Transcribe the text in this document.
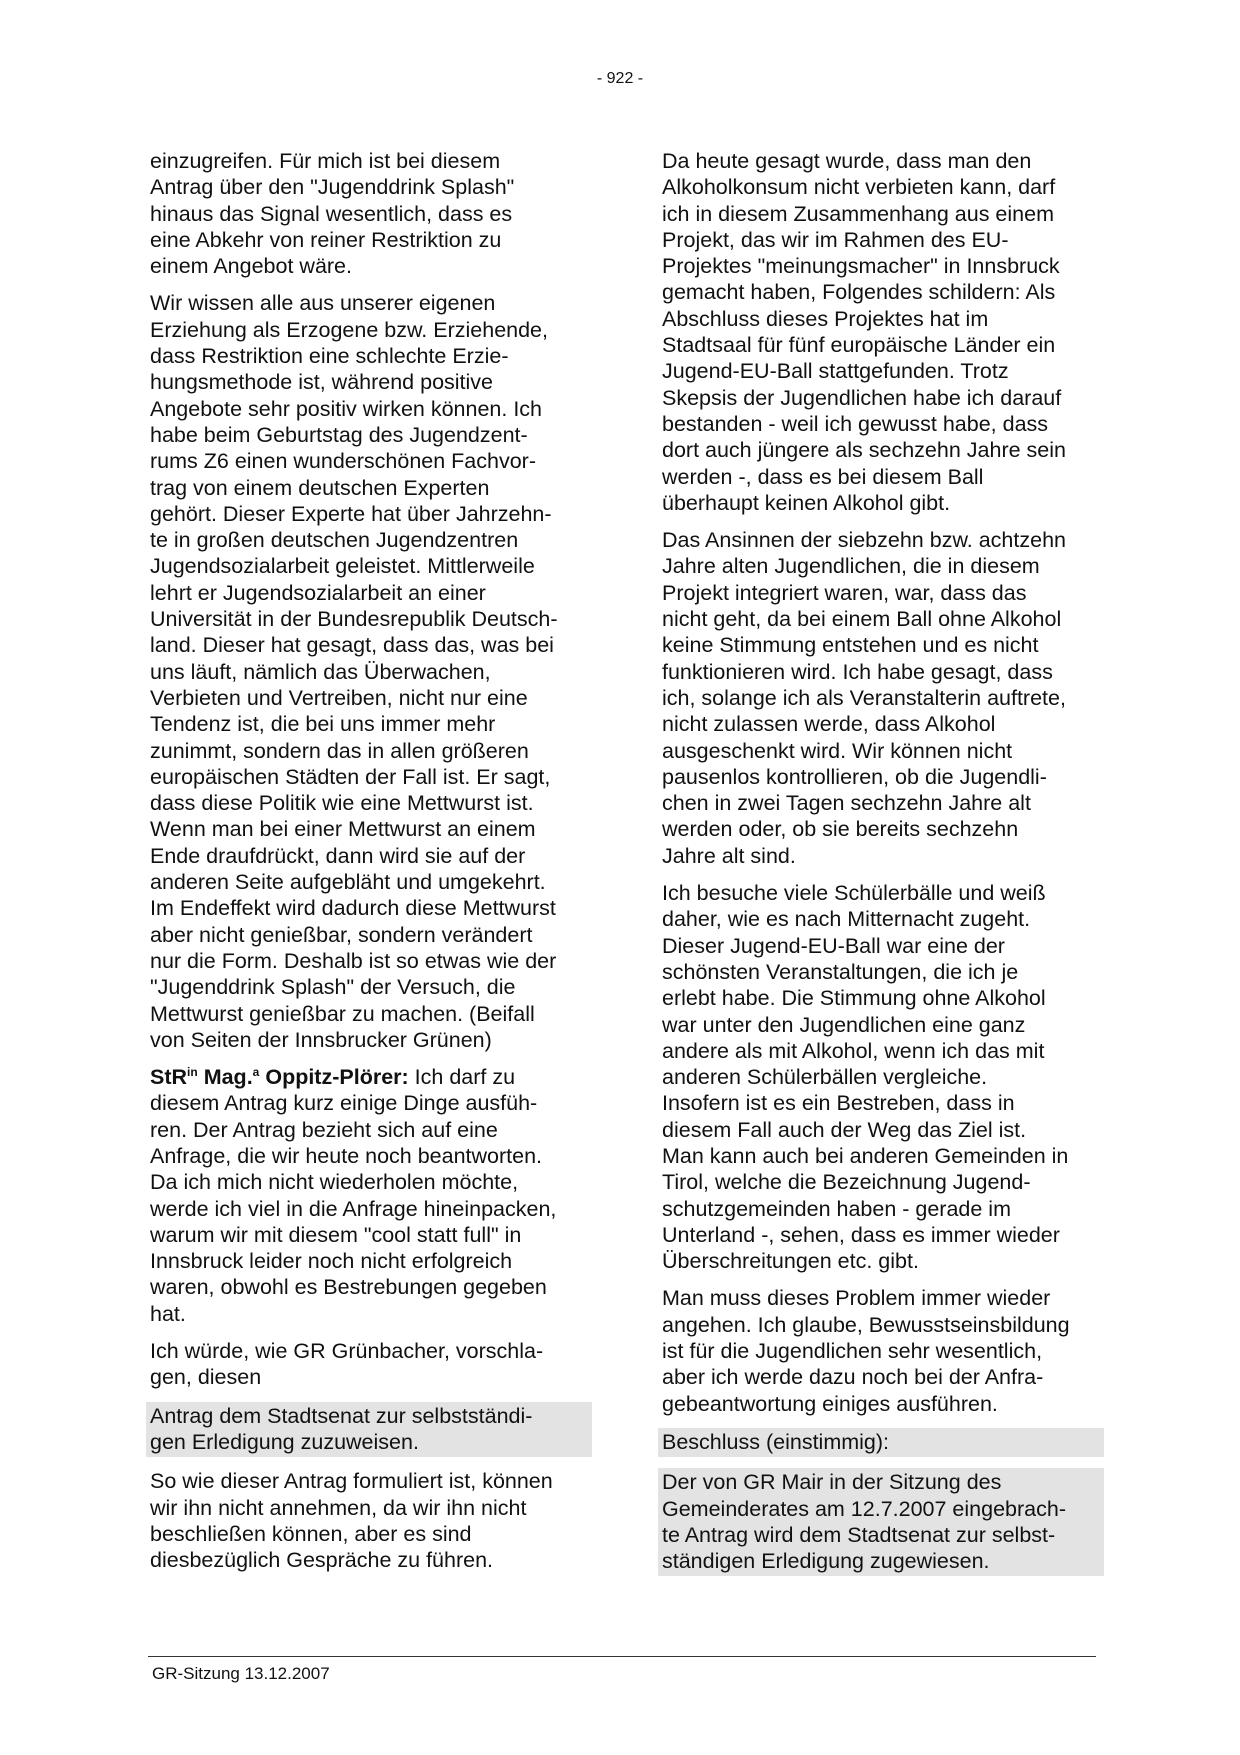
- 922 -

einzugreifen. Für mich ist bei diesem
Antrag über den "Jugenddrink Splash"
hinaus das Signal wesentlich, dass es
eine Abkehr von reiner Restriktion zu
einem Angebot wäre.

Wir wissen alle aus unserer eigenen
Erziehung als Erzogene bzw. Erziehende,
dass Restriktion eine schlechte Erzie-
hungsmethode ist, während positive
Angebote sehr positiv wirken können. Ich
habe beim Geburtstag des Jugendzent-
rums Z6 einen wunderschönen Fachvor-
trag von einem deutschen Experten
gehört. Dieser Experte hat über Jahrzehn-
te in großen deutschen Jugendzentren
Jugendsozialarbeit geleistet. Mittlerweile
lehrt er Jugendsozialarbeit an einer
Universität in der Bundesrepublik Deutsch-
land. Dieser hat gesagt, dass das, was bei
uns läuft, nämlich das Überwachen,
Verbieten und Vertreiben, nicht nur eine
Tendenz ist, die bei uns immer mehr
zunimmt, sondern das in allen größeren
europäischen Städten der Fall ist. Er sagt,
dass diese Politik wie eine Mettwurst ist.
Wenn man bei einer Mettwurst an einem
Ende draufdrückt, dann wird sie auf der
anderen Seite aufgebläht und umgekehrt.
Im Endeffekt wird dadurch diese Mettwurst
aber nicht genießbar, sondern verändert
nur die Form. Deshalb ist so etwas wie der
"Jugenddrink Splash" der Versuch, die
Mettwurst genießbar zu machen. (Beifall
von Seiten der Innsbrucker Grünen)

StR$^{in}$ Mag.$^a$ Oppitz-Plörer: Ich darf zu
diesem Antrag kurz einige Dinge ausfüh-
ren. Der Antrag bezieht sich auf eine
Anfrage, die wir heute noch beantworten.
Da ich mich nicht wiederholen möchte,
werde ich viel in die Anfrage hineinpacken,
warum wir mit diesem "cool statt full" in
Innsbruck leider noch nicht erfolgreich
waren, obwohl es Bestrebungen gegeben
hat.

Ich würde, wie GR Grünbacher, vorschla-
gen, diesen

Antrag dem Stadtsenat zur selbstständi-
gen Erledigung zuzuweisen.

So wie dieser Antrag formuliert ist, können
wir ihn nicht annehmen, da wir ihn nicht
beschließen können, aber es sind
diesbezüglich Gespräche zu führen.

Da heute gesagt wurde, dass man den
Alkoholkonsum nicht verbieten kann, darf
ich in diesem Zusammenhang aus einem
Projekt, das wir im Rahmen des EU-
Projektes "meinungsmacher" in Innsbruck
gemacht haben, Folgendes schildern: Als
Abschluss dieses Projektes hat im
Stadtsaal für fünf europäische Länder ein
Jugend-EU-Ball stattgefunden. Trotz
Skepsis der Jugendlichen habe ich darauf
bestanden - weil ich gewusst habe, dass
dort auch jüngere als sechzehn Jahre sein
werden -, dass es bei diesem Ball
überhaupt keinen Alkohol gibt.

Das Ansinnen der siebzehn bzw. achtzehn
Jahre alten Jugendlichen, die in diesem
Projekt integriert waren, war, dass das
nicht geht, da bei einem Ball ohne Alkohol
keine Stimmung entstehen und es nicht
funktionieren wird. Ich habe gesagt, dass
ich, solange ich als Veranstalterin auftrete,
nicht zulassen werde, dass Alkohol
ausgeschenkt wird. Wir können nicht
pausenlos kontrollieren, ob die Jugendli-
chen in zwei Tagen sechzehn Jahre alt
werden oder, ob sie bereits sechzehn
Jahre alt sind.

Ich besuche viele Schülerbälle und weiß
daher, wie es nach Mitternacht zugeht.
Dieser Jugend-EU-Ball war eine der
schönsten Veranstaltungen, die ich je
erlebt habe. Die Stimmung ohne Alkohol
war unter den Jugendlichen eine ganz
andere als mit Alkohol, wenn ich das mit
anderen Schülerbällen vergleiche.
Insofern ist es ein Bestreben, dass in
diesem Fall auch der Weg das Ziel ist.
Man kann auch bei anderen Gemeinden in
Tirol, welche die Bezeichnung Jugend-
schutzgemeinden haben - gerade im
Unterland -, sehen, dass es immer wieder
Überschreitungen etc. gibt.

Man muss dieses Problem immer wieder
angehen. Ich glaube, Bewusstseinsbildung
ist für die Jugendlichen sehr wesentlich,
aber ich werde dazu noch bei der Anfra-
gebeantwortung einiges ausführen.

Beschluss (einstimmig):

Der von GR Mair in der Sitzung des
Gemeinderates am 12.7.2007 eingebrach-
te Antrag wird dem Stadtsenat zur selbst-
ständigen Erledigung zugewiesen.

GR-Sitzung 13.12.2007
